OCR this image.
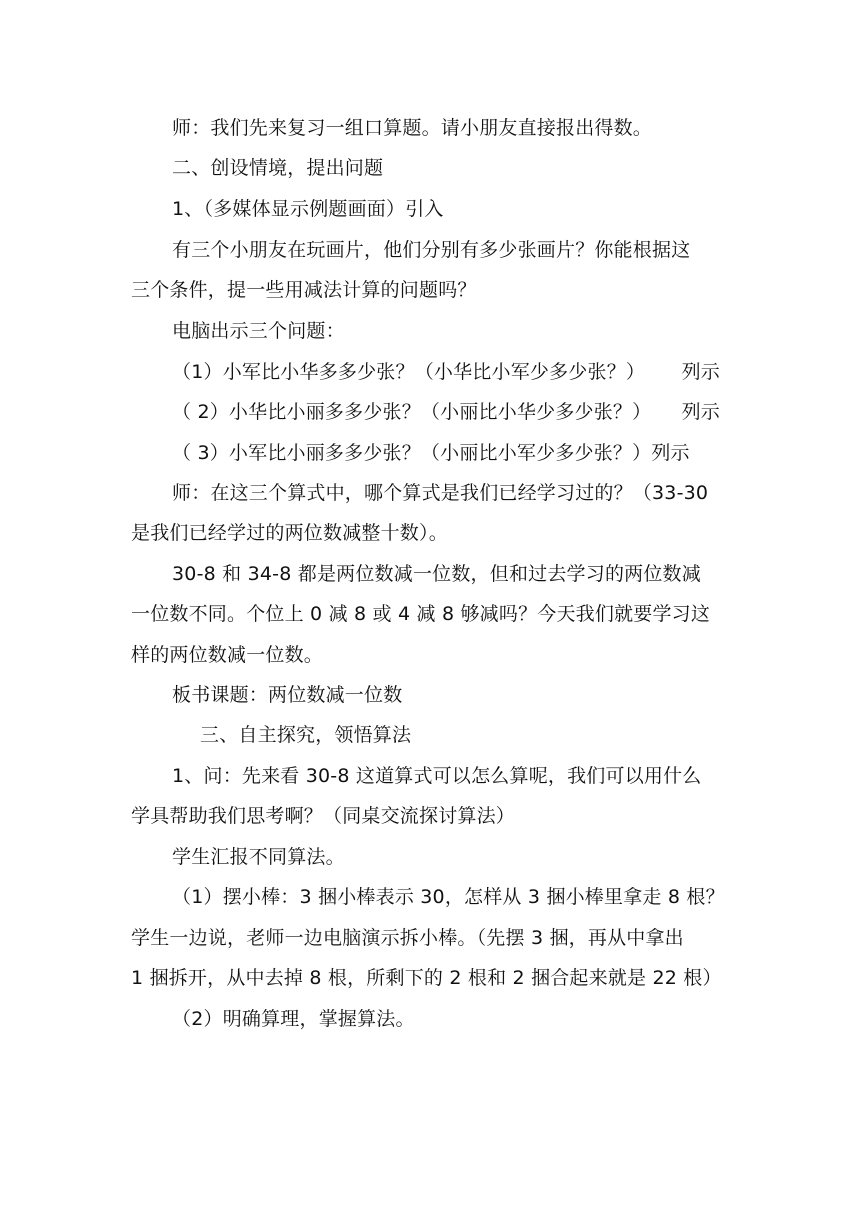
师：我们先来复习一组口算题。请小朋友直接报出得数。
二、创设情境，提出问题
1、（多媒体显示例题画面）引入
有三个小朋友在玩画片，他们分别有多少张画片？你能根据这
三个条件，提一些用减法计算的问题吗？
电脑出示三个问题：
（1）小军比小华多多少张？（小华比小军少多少张？） 列示
（ 2）小华比小丽多多少张？（小丽比小华少多少张？） 列示
（ 3）小军比小丽多多少张？（小丽比小军少多少张？）列示
师：在这三个算式中，哪个算式是我们已经学习过的？（33-30
是我们已经学过的两位数减整十数）。
30-8 和 34-8 都是两位数减一位数，但和过去学习的两位数减
一位数不同。个位上 0 减 8 或 4 减 8 够减吗？今天我们就要学习这
样的两位数减一位数。
板书课题：两位数减一位数
三、自主探究，领悟算法
1、问：先来看 30-8 这道算式可以怎么算呢，我们可以用什么
学具帮助我们思考啊？（同桌交流探讨算法）
学生汇报不同算法。
（1）摆小棒：3 捆小棒表示 30，怎样从 3 捆小棒里拿走 8 根？
学生一边说，老师一边电脑演示拆小棒。（先摆 3 捆，再从中拿出
1 捆拆开，从中去掉 8 根，所剩下的 2 根和 2 捆合起来就是 22 根）
（2）明确算理，掌握算法。
